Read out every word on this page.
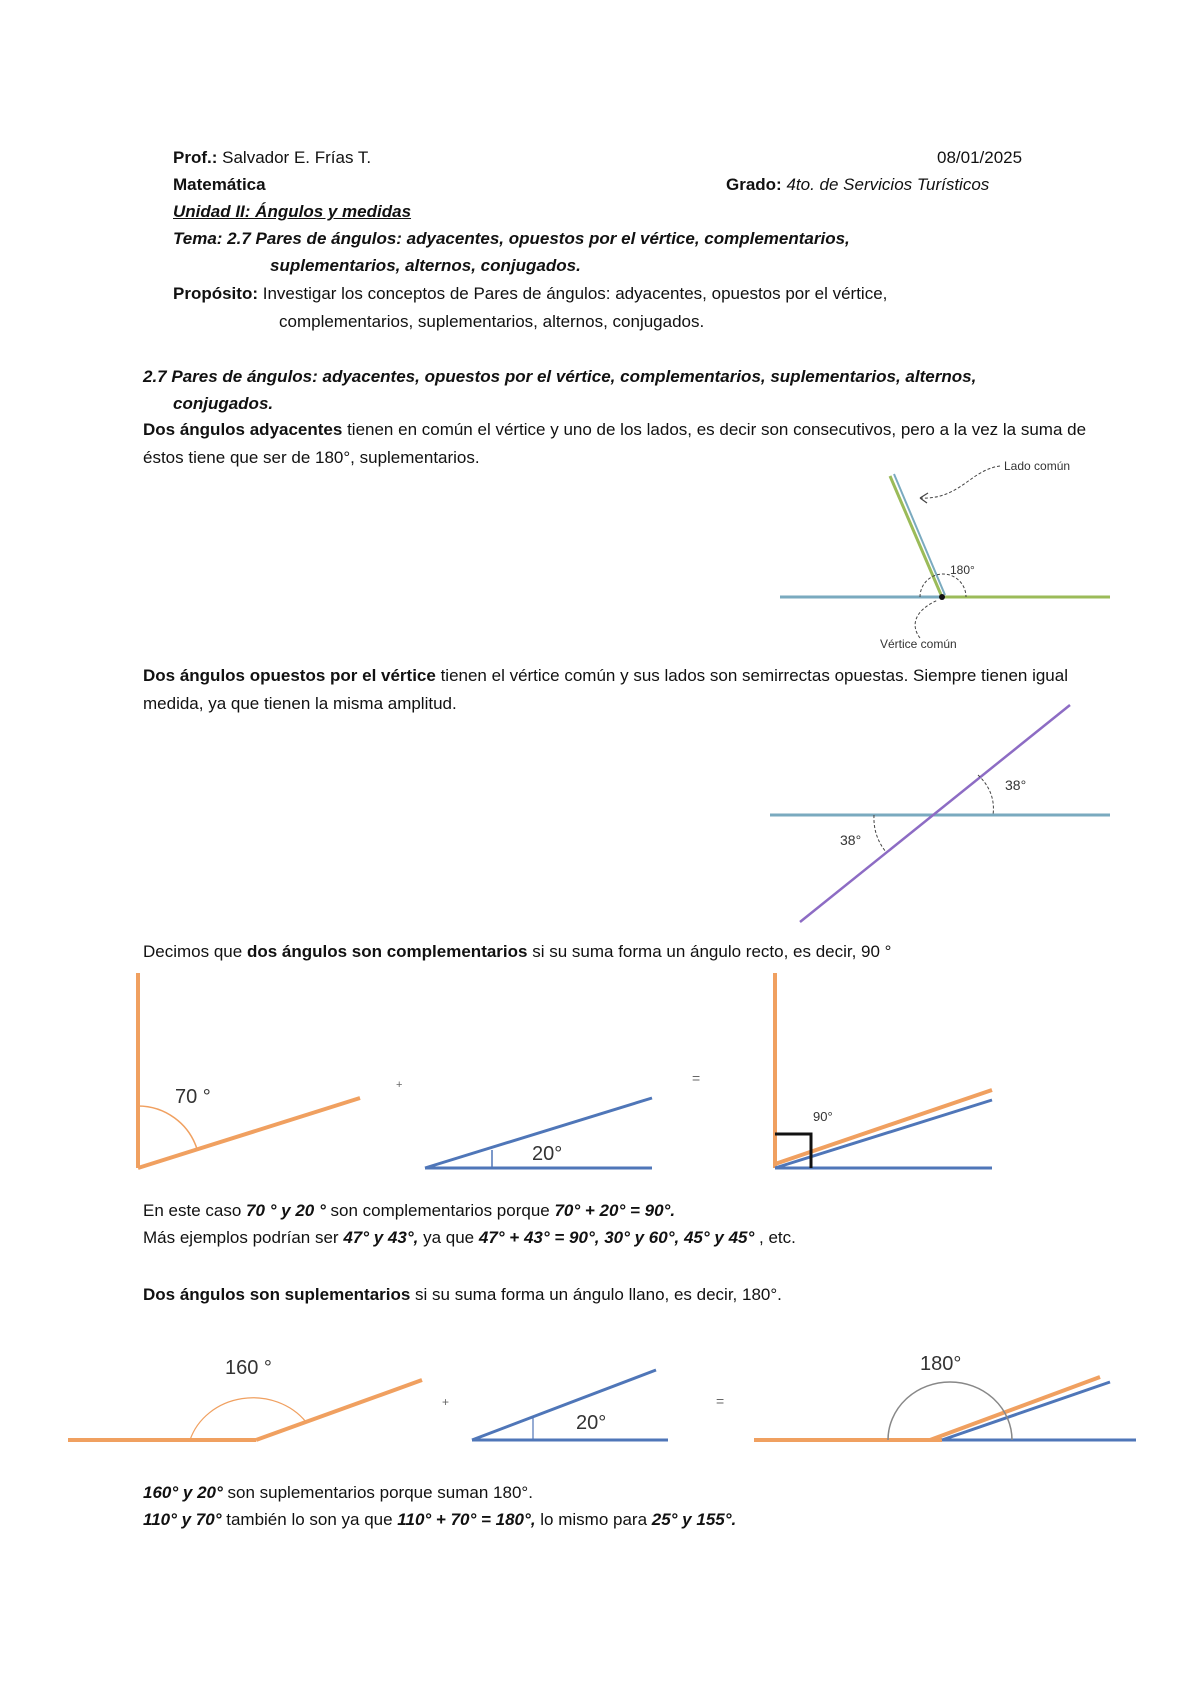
Prof.: Salvador E. Frías T.	08/01/2025
Matemática	Grado: 4to. de Servicios Turísticos
Unidad II: Ángulos y medidas
Tema: 2.7 Pares de ángulos: adyacentes, opuestos por el vértice, complementarios,
suplementarios, alternos, conjugados.
Propósito: Investigar los conceptos de Pares de ángulos: adyacentes, opuestos por el vértice,
complementarios, suplementarios, alternos, conjugados.
2.7 Pares de ángulos: adyacentes, opuestos por el vértice, complementarios, suplementarios, alternos,
conjugados.
Dos ángulos adyacentes tienen en común el vértice y uno de los lados, es decir son consecutivos, pero a la vez la suma de éstos tiene que ser de 180°, suplementarios.	Lado común
180°
Vértice común
Dos ángulos opuestos por el vértice tienen el vértice común y sus lados son semirrectas opuestas. Siempre tienen igual medida, ya que tienen la misma amplitud.
38°
38°
Decimos que dos ángulos son complementarios si su suma forma un ángulo recto, es decir, 90 °
70 °
+
20°
=
90°
En este caso 70 ° y 20 ° son complementarios porque 70° + 20° = 90°.
Más ejemplos podrían ser 47° y 43°, ya que 47° + 43° = 90°, 30° y 60°, 45° y 45° , etc.
Dos ángulos son suplementarios si su suma forma un ángulo llano, es decir, 180°.
160 °
+
20°
=
180°
160° y 20° son suplementarios porque suman 180°.
110° y 70° también lo son ya que 110° + 70° = 180°, lo mismo para 25° y 155°.
